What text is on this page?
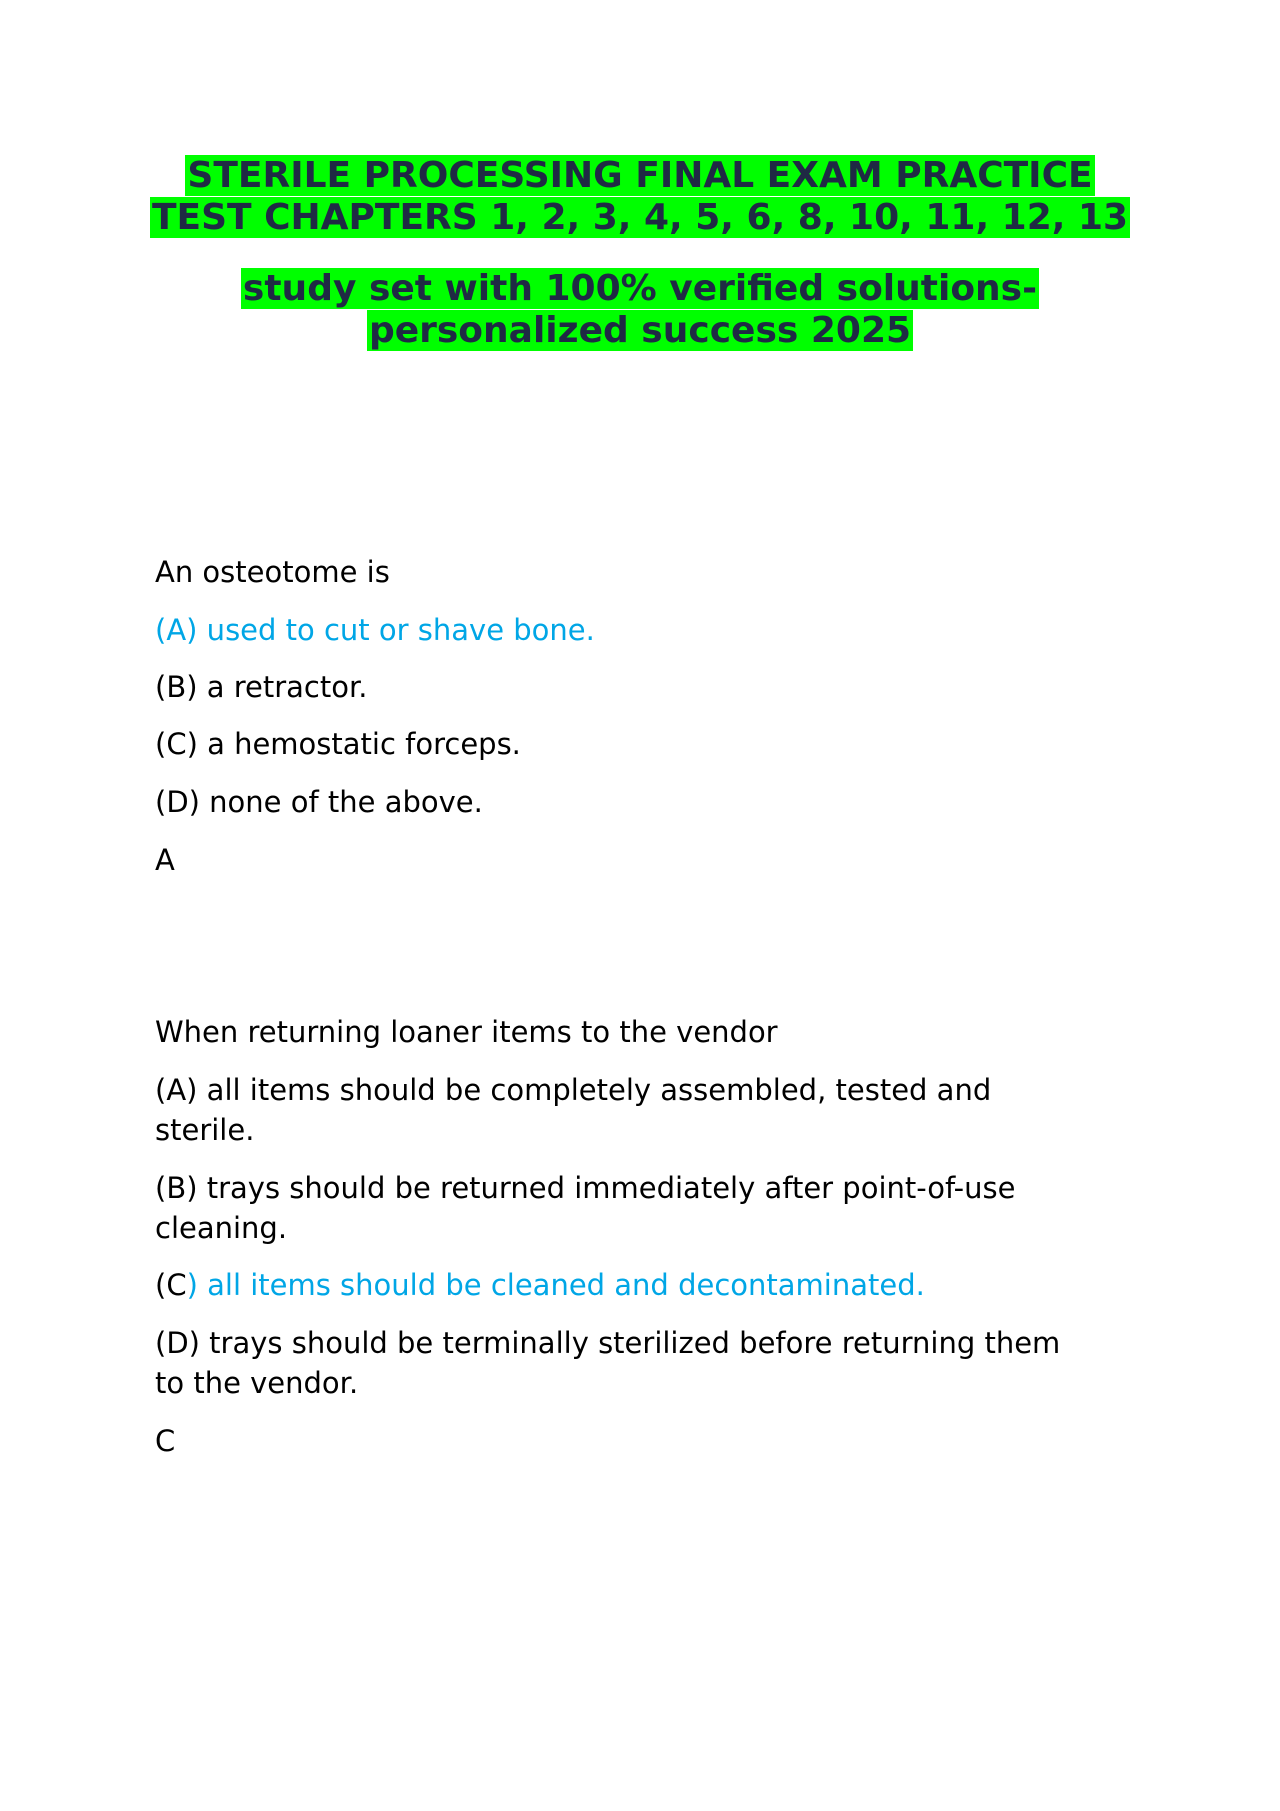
STERILE PROCESSING FINAL EXAM PRACTICE
TEST CHAPTERS 1, 2, 3, 4, 5, 6, 8, 10, 11, 12, 13
study set with 100% verified solutions-
personalized success 2025
An osteotome is
(A) used to cut or shave bone.
(B) a retractor.
(C) a hemostatic forceps.
(D) none of the above.
A
When returning loaner items to the vendor
(A) all items should be completely assembled, tested and
sterile.
(B) trays should be returned immediately after point-of-use
cleaning.
(C) all items should be cleaned and decontaminated.
(D) trays should be terminally sterilized before returning them
to the vendor.
C
